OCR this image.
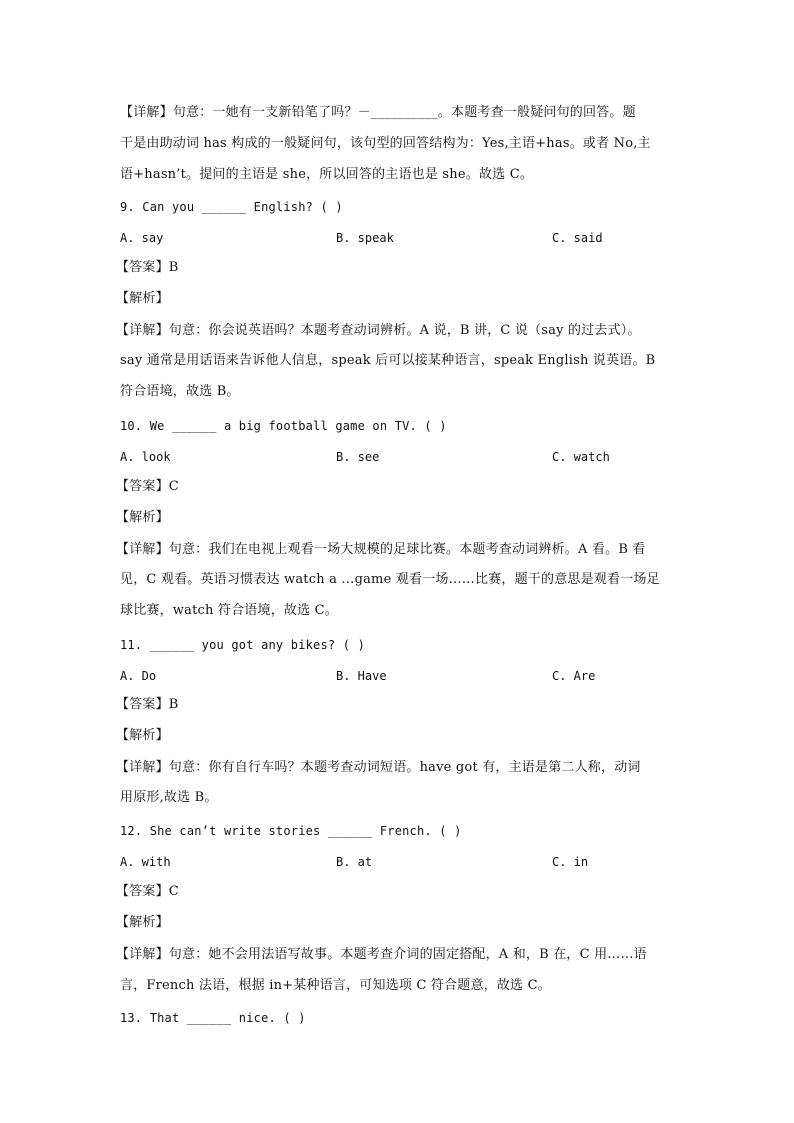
【详解】句意：一她有一支新铅笔了吗？－__________。本题考查一般疑问句的回答。题
干是由助动词 has 构成的一般疑问句，该句型的回答结构为：Yes,主语+has。或者 No,主
语+hasn’t。提问的主语是 she，所以回答的主语也是 she。故选 C。
9. Can you ______ English? ( )
A. say	B. speak	C. said
【答案】B
【解析】
【详解】句意：你会说英语吗？本题考查动词辨析。A 说，B 讲，C 说（say 的过去式）。
say 通常是用话语来告诉他人信息，speak 后可以接某种语言，speak English 说英语。B
符合语境，故选 B。
10. We ______ a big football game on TV. ( )
A. look	B. see	C. watch
【答案】C
【解析】
【详解】句意：我们在电视上观看一场大规模的足球比赛。本题考查动词辨析。A 看。B 看
见，C 观看。英语习惯表达 watch a …game 观看一场……比赛，题干的意思是观看一场足
球比赛，watch 符合语境，故选 C。
11. ______ you got any bikes? ( )
A. Do	B. Have	C. Are
【答案】B
【解析】
【详解】句意：你有自行车吗？本题考查动词短语。have got 有，主语是第二人称，动词
用原形,故选 B。
12. She can’t write stories ______ French. ( )
A. with	B. at	C. in
【答案】C
【解析】
【详解】句意：她不会用法语写故事。本题考查介词的固定搭配，A 和，B 在，C 用……语
言，French 法语，根据 in+某种语言，可知选项 C 符合题意，故选 C。
13. That ______ nice. ( )
